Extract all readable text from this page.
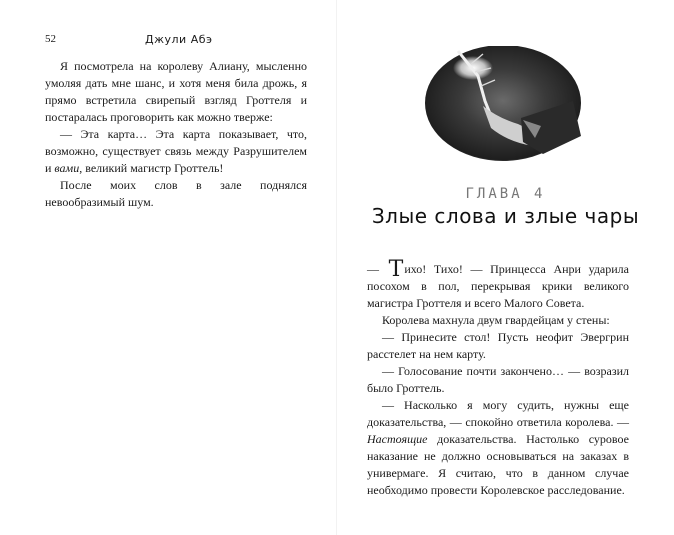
52	Джули Абэ

Я посмотрела на королеву Алиану, мысленно умоляя дать мне шанс, и хотя меня била дрожь, я прямо встретила свирепый взгляд Гроттеля и постаралась проговорить как можно тверже:

— Эта карта… Эта карта показывает, что, возможно, существует связь между Разрушителем и вами, великий магистр Гроттель!

После моих слов в зале поднялся невообразимый шум.	ГЛАВА 4
Злые слова и злые чары

— Тихо! Тихо! — Принцесса Анри ударила посохом в пол, перекрывая крики великого магистра Гроттеля и всего Малого Совета.

Королева махнула двум гвардейцам у стены:

— Принесите стол! Пусть неофит Эвергрин расстелет на нем карту.

— Голосование почти закончено… — возразил было Гроттель.

— Насколько я могу судить, нужны еще доказательства, — спокойно ответила королева. — Настоящие доказательства. Настолько суровое наказание не должно основываться на заказах в универмаге. Я считаю, что в данном случае необходимо провести Королевское расследование.
